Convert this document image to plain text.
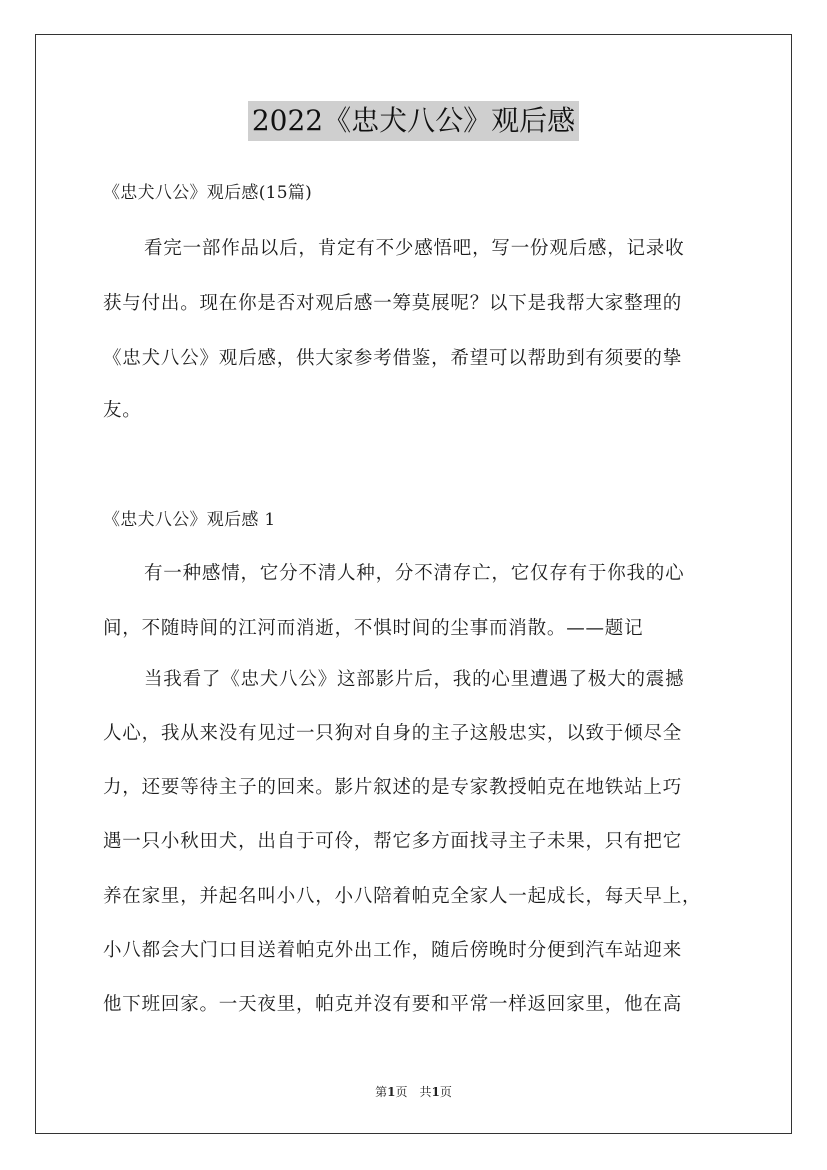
2022《忠犬八公》观后感
《忠犬八公》观后感(15篇)
看完一部作品以后，肯定有不少感悟吧，写一份观后感，记录收
获与付出。现在你是否对观后感一筹莫展呢？以下是我帮大家整理的
《忠犬八公》观后感，供大家参考借鉴，希望可以帮助到有须要的挚
友。
《忠犬八公》观后感 1
有一种感情，它分不清人种，分不清存亡，它仅存有于你我的心
间，不随時间的江河而消逝，不惧时间的尘事而消散。——题记
当我看了《忠犬八公》这部影片后，我的心里遭遇了极大的震撼
人心，我从来没有见过一只狗对自身的主子这般忠实，以致于倾尽全
力，还要等待主子的回来。影片叙述的是专家教授帕克在地铁站上巧
遇一只小秋田犬，出自于可伶，帮它多方面找寻主子未果，只有把它
养在家里，并起名叫小八，小八陪着帕克全家人一起成长，每天早上，
小八都会大门口目送着帕克外出工作，随后傍晚时分便到汽车站迎来
他下班回家。一天夜里，帕克并沒有要和平常一样返回家里，他在高
第1页　共1页
